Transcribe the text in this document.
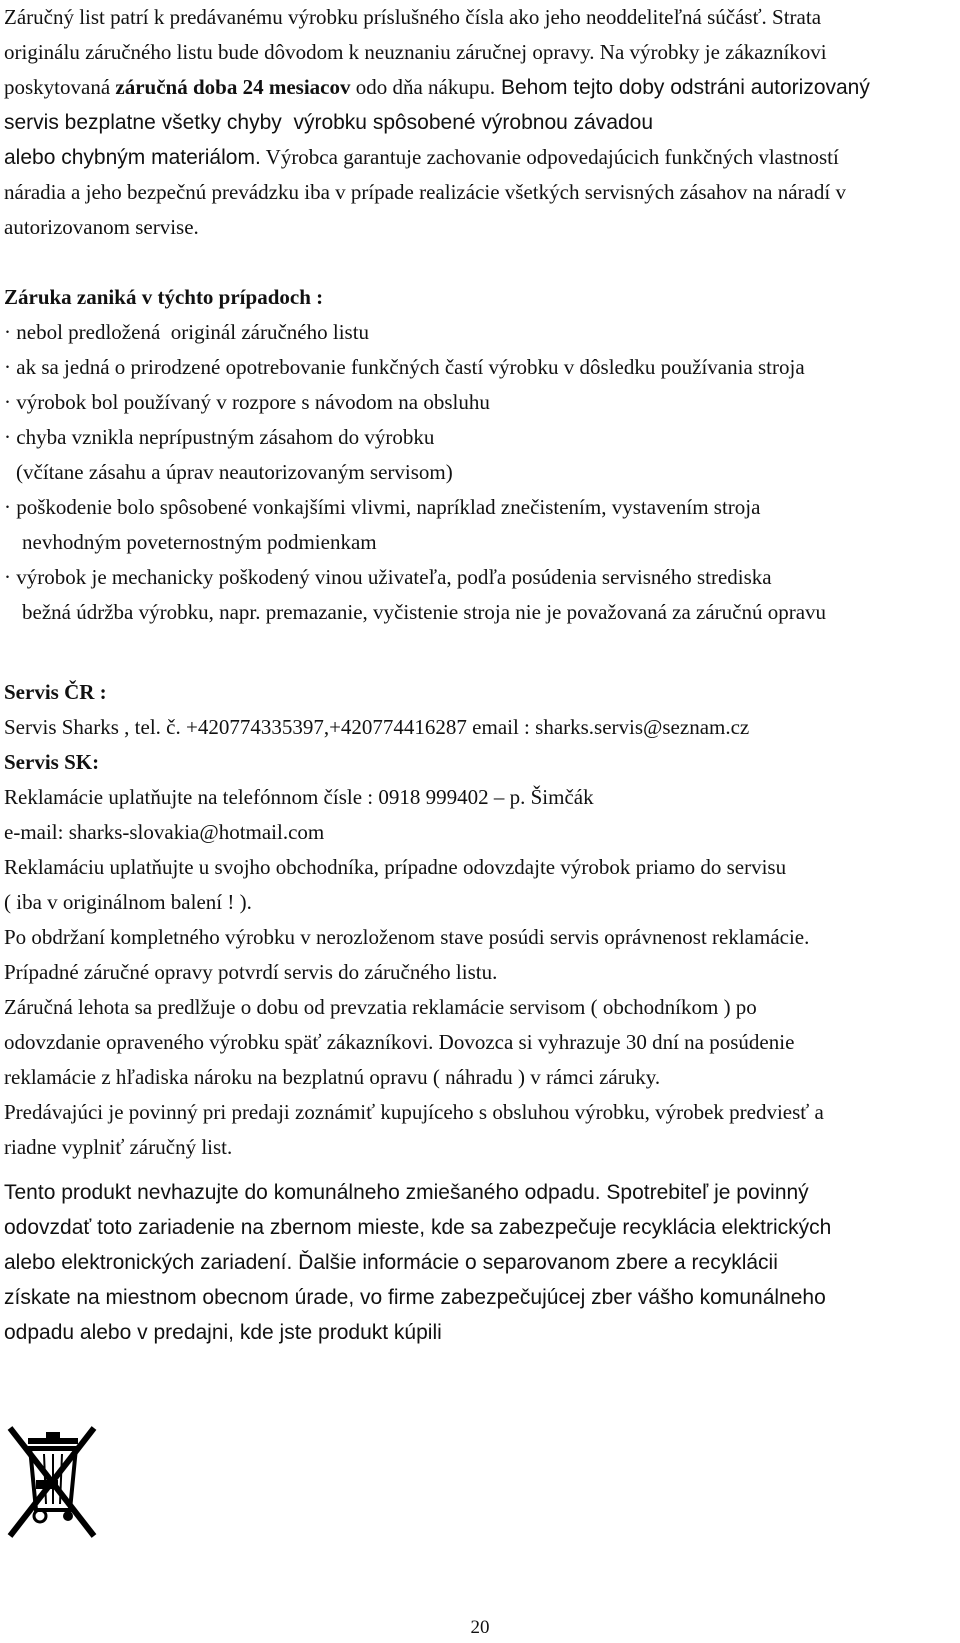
Záručný list patrí k predávanému výrobku príslušného čísla ako jeho neoddeliteľná súčásť. Strata
originálu záručného listu bude dôvodom k neuznaniu záručnej opravy. Na výrobky je zákazníkovi
poskytovaná záručná doba 24 mesiacov odo dňa nákupu. Behom tejto doby odstráni autorizovaný
servis bezplatne všetky chyby  výrobku spôsobené výrobnou závadou
alebo chybným materiálom. Výrobca garantuje zachovanie odpovedajúcich funkčných vlastností
náradia a jeho bezpečnú prevádzku iba v prípade realizácie všetkých servisných zásahov na náradí v
autorizovanom servise.
Záruka zaniká v týchto prípadoch :
· nebol predložená  originál záručného listu
· ak sa jedná o prirodzené opotrebovanie funkčných častí výrobku v dôsledku používania stroja
· výrobok bol používaný v rozpore s návodom na obsluhu
· chyba vznikla neprípustným zásahom do výrobku
(včítane zásahu a úprav neautorizovaným servisom)
· poškodenie bolo spôsobené vonkajšími vlivmi, napríklad znečistením, vystavením stroja
nevhodným poveternostným podmienkam
· výrobok je mechanicky poškodený vinou uživateľa, podľa posúdenia servisného strediska
bežná údržba výrobku, napr. premazanie, vyčistenie stroja nie je považovaná za záručnú opravu
Servis ČR :
Servis Sharks , tel. č. +420774335397,+420774416287 email : sharks.servis@seznam.cz
Servis SK:
Reklamácie uplatňujte na telefónnom čísle : 0918 999402 – p. Šimčák
e-mail: sharks-slovakia@hotmail.com
Reklamáciu uplatňujte u svojho obchodníka, prípadne odovzdajte výrobok priamo do servisu
( iba v originálnom balení ! ).
Po obdržaní kompletného výrobku v nerozloženom stave posúdi servis oprávnenost reklamácie.
Prípadné záručné opravy potvrdí servis do záručného listu.
Záručná lehota sa predlžuje o dobu od prevzatia reklamácie servisom ( obchodníkom ) po
odovzdanie opraveného výrobku späť zákazníkovi. Dovozca si vyhrazuje 30 dní na posúdenie
reklamácie z hľadiska nároku na bezplatnú opravu ( náhradu ) v rámci záruky.
Predávajúci je povinný pri predaji zoznámiť kupujíceho s obsluhou výrobku, výrobek predviesť a
riadne vyplniť záručný list.
Tento produkt nevhazujte do komunálneho zmiešaného odpadu. Spotrebiteľ je povinný
odovzdať toto zariadenie na zbernom mieste, kde sa zabezpečuje recyklácia elektrických
alebo elektronických zariadení. Ďalšie informácie o separovanom zbere a recyklácii
získate na miestnom obecnom úrade, vo firme zabezpečujúcej zber vášho komunálneho
odpadu alebo v predajni, kde jste produkt kúpili
20
